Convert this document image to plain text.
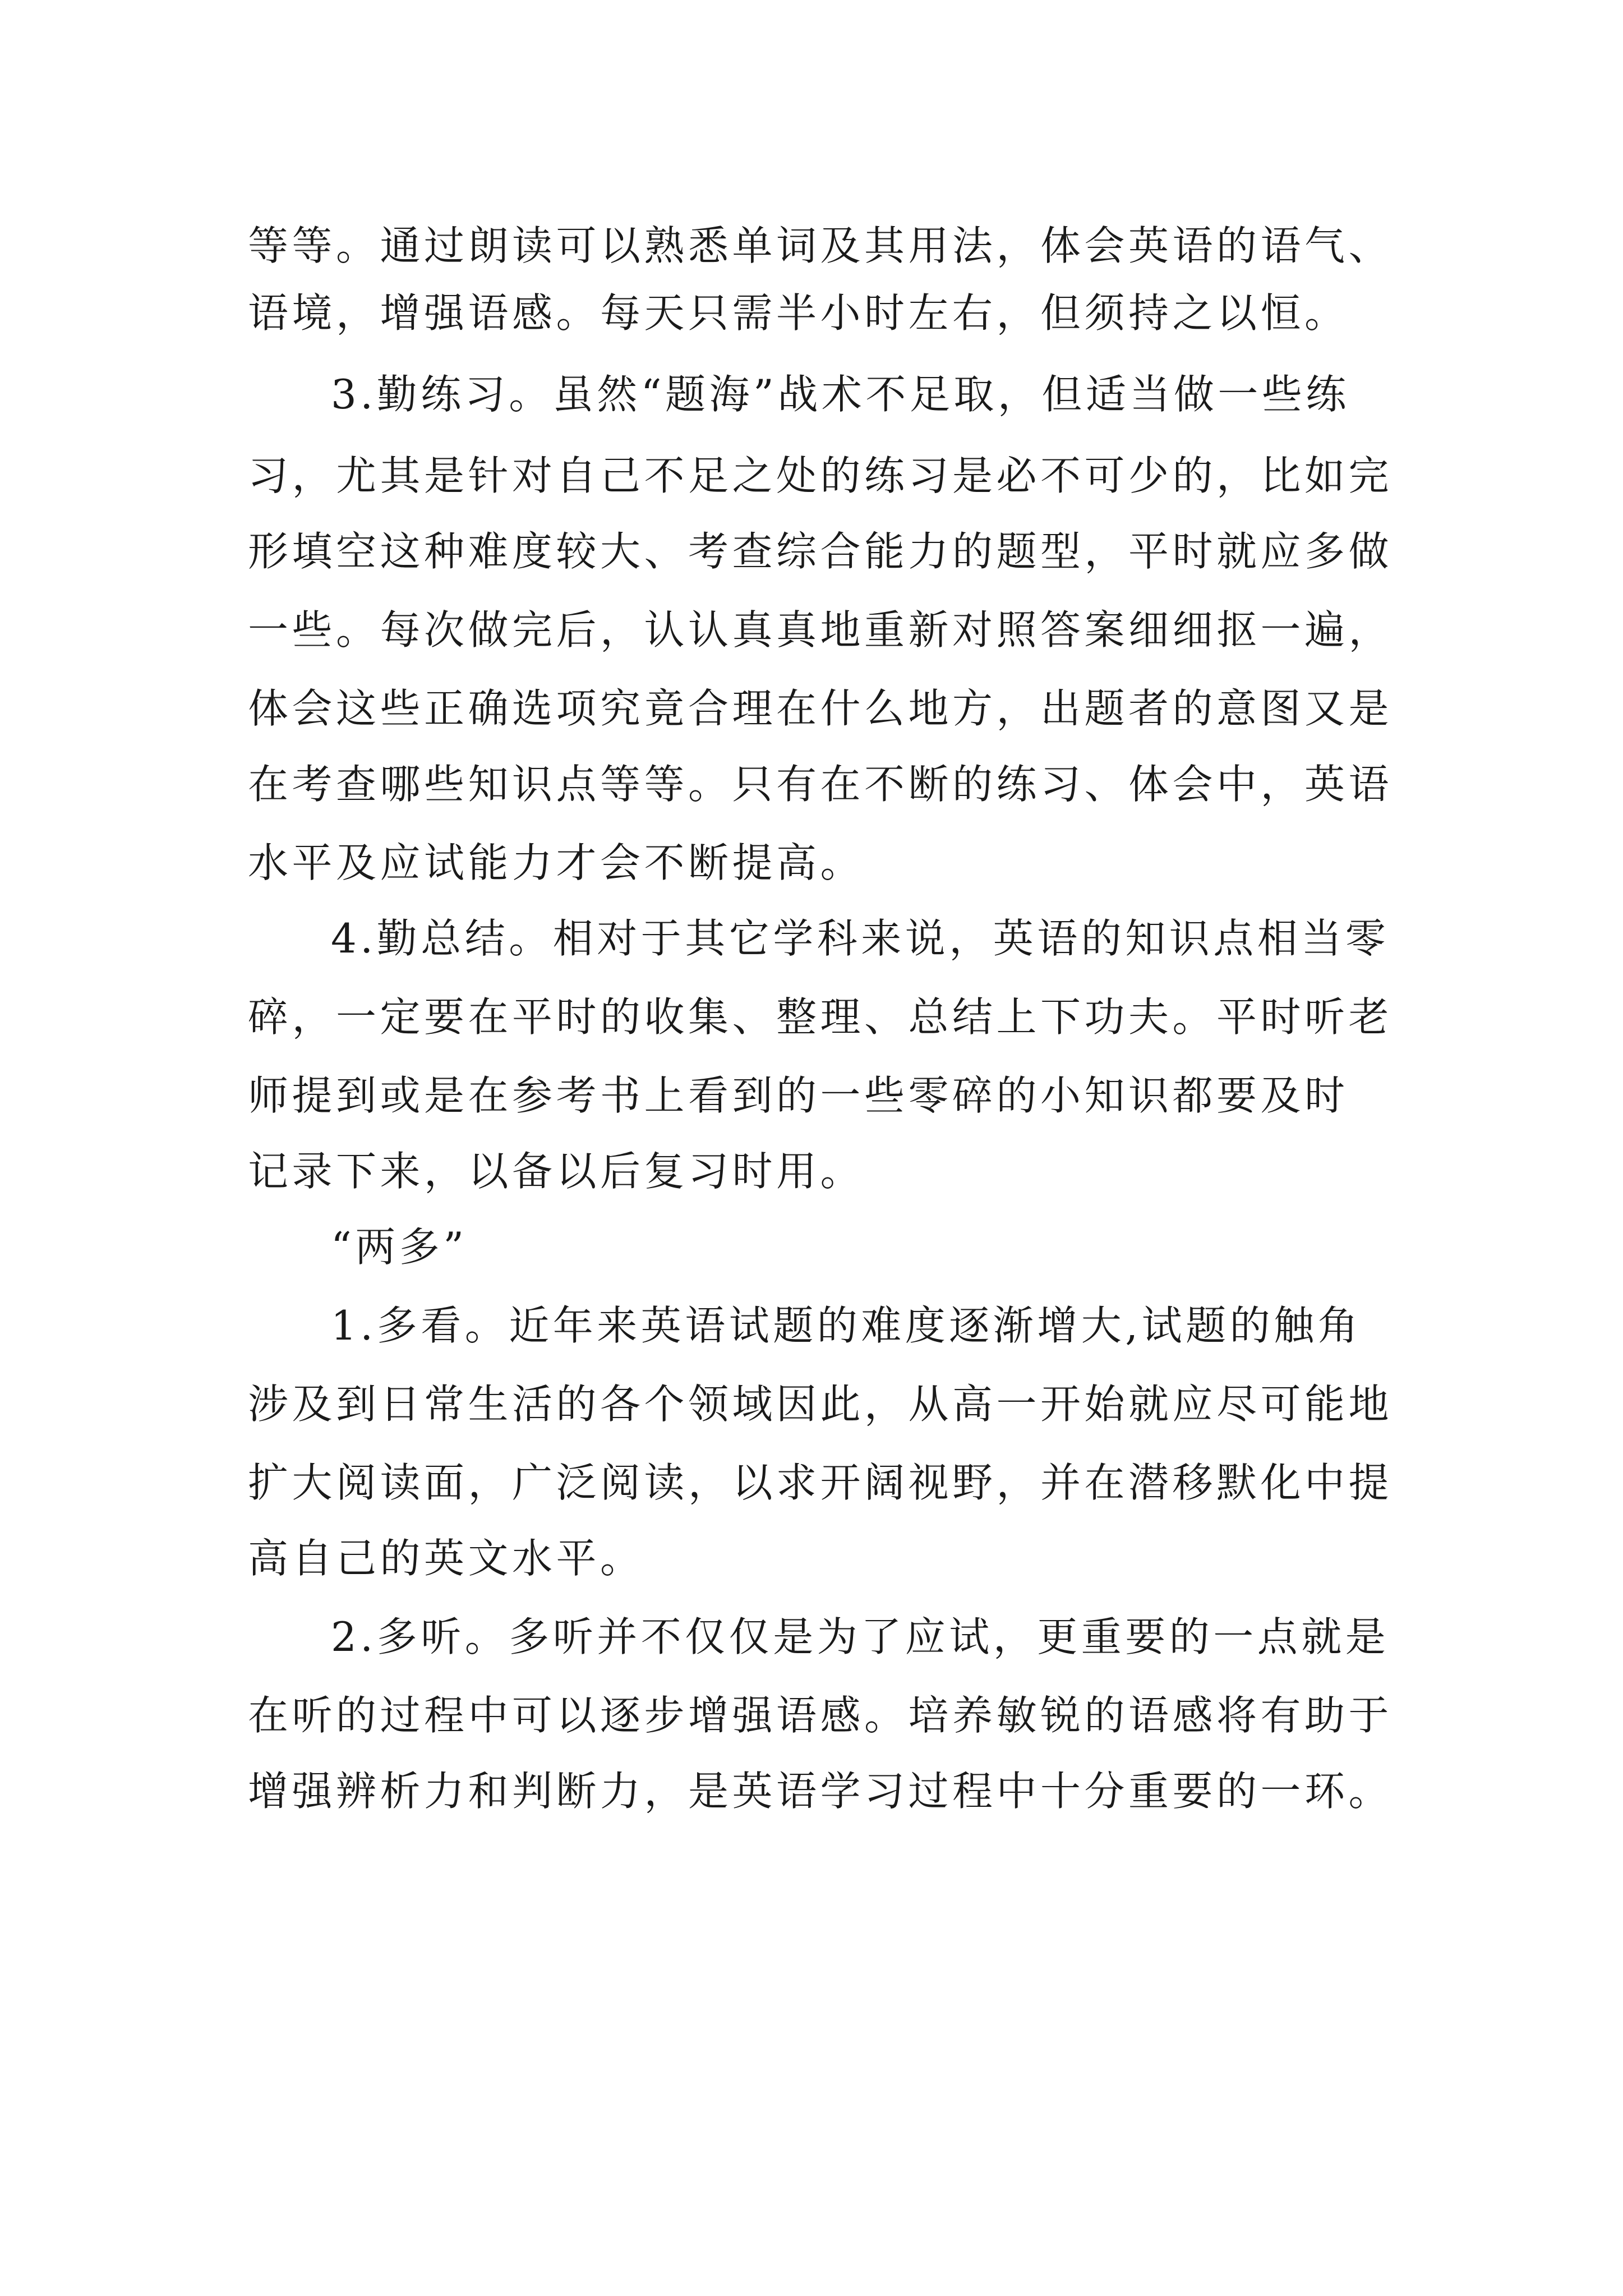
等等。通过朗读可以熟悉单词及其用法，体会英语的语气、
语境，增强语感。每天只需半小时左右，但须持之以恒。
3.勤练习。虽然“题海”战术不足取，但适当做一些练
习，尤其是针对自己不足之处的练习是必不可少的，比如完
形填空这种难度较大、考查综合能力的题型，平时就应多做
一些。每次做完后，认认真真地重新对照答案细细抠一遍，
体会这些正确选项究竟合理在什么地方，出题者的意图又是
在考查哪些知识点等等。只有在不断的练习、体会中，英语
水平及应试能力才会不断提高。
4.勤总结。相对于其它学科来说，英语的知识点相当零
碎，一定要在平时的收集、整理、总结上下功夫。平时听老
师提到或是在参考书上看到的一些零碎的小知识都要及时
记录下来，以备以后复习时用。
“两多”
1.多看。近年来英语试题的难度逐渐增大,试题的触角
涉及到日常生活的各个领域因此，从高一开始就应尽可能地
扩大阅读面，广泛阅读，以求开阔视野，并在潜移默化中提
高自己的英文水平。
2.多听。多听并不仅仅是为了应试，更重要的一点就是
在听的过程中可以逐步增强语感。培养敏锐的语感将有助于
增强辨析力和判断力，是英语学习过程中十分重要的一环。
